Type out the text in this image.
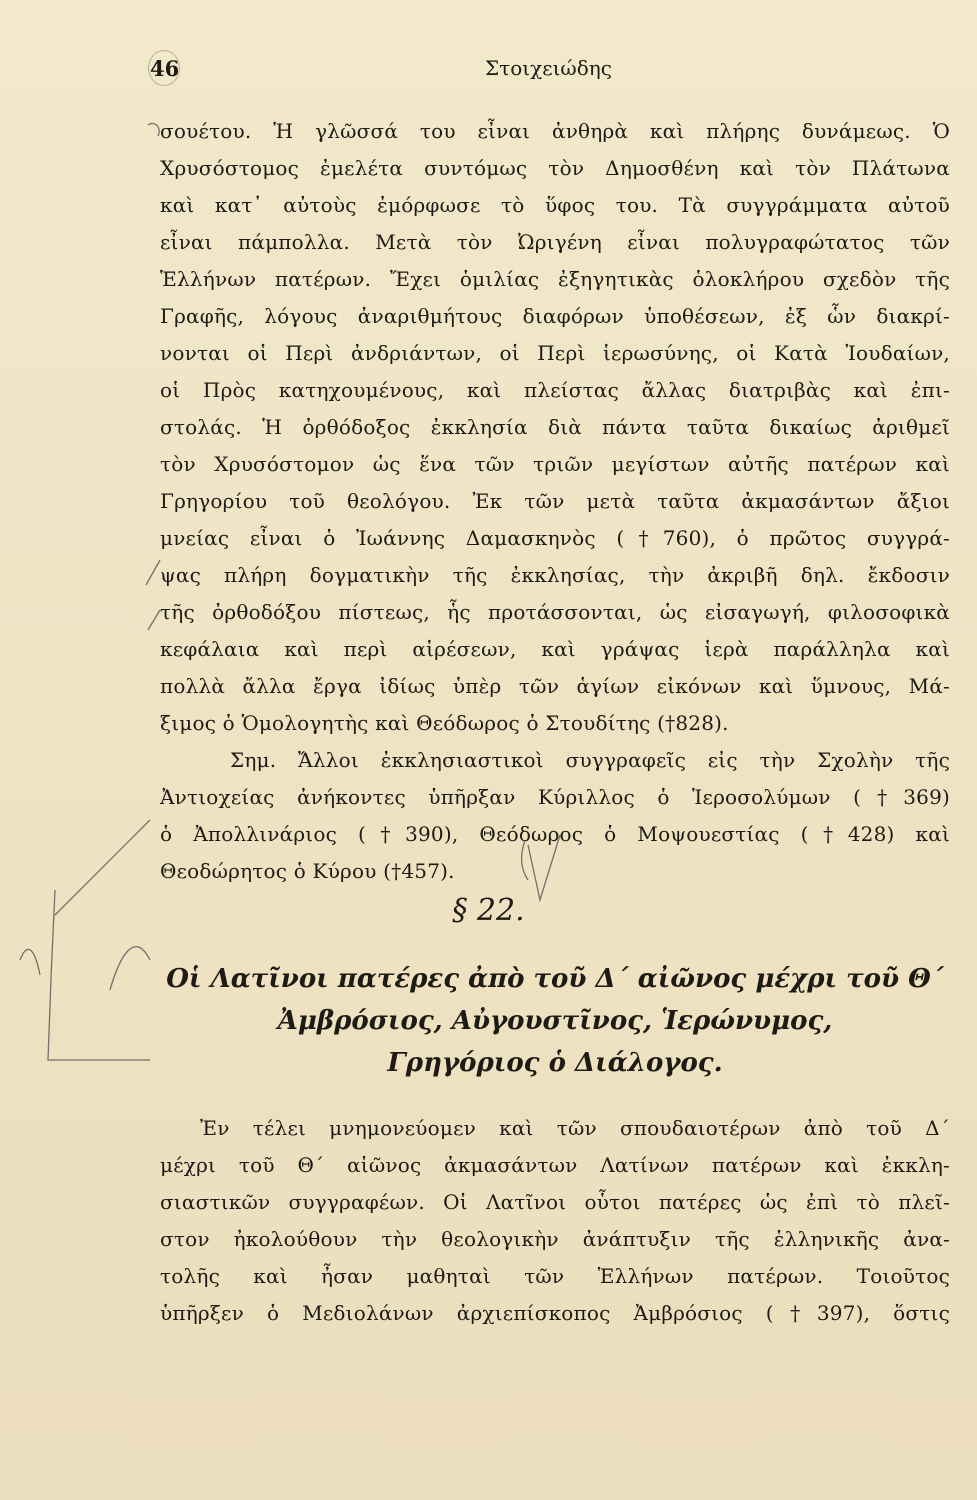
46	Στοιχειώδης
σουέτου. Ἡ γλῶσσά του εἶναι ἀνθηρὰ καὶ πλήρης δυνάμεως. Ὁ
Χρυσόστομος ἐμελέτα συντόμως τὸν Δημοσθένη καὶ τὸν Πλάτωνα
καὶ κατ᾽ αὐτοὺς ἐμόρφωσε τὸ ὕφος του. Τὰ συγγράμματα αὐτοῦ
εἶναι πάμπολλα. Μετὰ τὸν Ὠριγένη εἶναι πολυγραφώτατος τῶν
Ἑλλήνων πατέρων. Ἔχει ὁμιλίας ἐξηγητικὰς ὁλοκλήρου σχεδὸν τῆς
Γραφῆς, λόγους ἀναριθμήτους διαφόρων ὑποθέσεων, ἐξ ὧν διακρί-
νονται οἱ Περὶ ἀνδριάντων, οἱ Περὶ ἱερωσύνης, οἱ Κατὰ Ἰουδαίων,
οἱ Πρὸς κατηχουμένους, καὶ πλείστας ἄλλας διατριβὰς καὶ ἐπι-
στολάς. Ἡ ὀρθόδοξος ἐκκλησία διὰ πάντα ταῦτα δικαίως ἀριθμεῖ
τὸν Χρυσόστομον ὡς ἕνα τῶν τριῶν μεγίστων αὐτῆς πατέρων καὶ
Γρηγορίου τοῦ θεολόγου. Ἐκ τῶν μετὰ ταῦτα ἀκμασάντων ἄξιοι
μνείας εἶναι ὁ Ἰωάννης Δαμασκηνὸς (†760), ὁ πρῶτος συγγρά-
ψας πλήρη δογματικὴν τῆς ἐκκλησίας, τὴν ἀκριβῆ δηλ. ἔκδοσιν
τῆς ὀρθοδόξου πίστεως, ἧς προτάσσονται, ὡς εἰσαγωγή, φιλοσοφικὰ
κεφάλαια καὶ περὶ αἱρέσεων, καὶ γράψας ἱερὰ παράλληλα καὶ
πολλὰ ἄλλα ἔργα ἰδίως ὑπὲρ τῶν ἁγίων εἰκόνων καὶ ὕμνους, Μά-
ξιμος ὁ Ὁμολογητὴς καὶ Θεόδωρος ὁ Στουδίτης (†828).
Σημ. Ἄλλοι ἐκκλησιαστικοὶ συγγραφεῖς εἰς τὴν Σχολὴν τῆς
Ἀντιοχείας ἀνήκοντες ὑπῆρξαν Κύριλλος ὁ Ἱεροσολύμων (†369)
ὁ Ἀπολλινάριος (†390), Θεόδωρος ὁ Μοψουεστίας (†428) καὶ
Θεοδώρητος ὁ Κύρου (†457).
§ 22.
Οἱ Λατῖνοι πατέρες ἀπὸ τοῦ Δ΄ αἰῶνος μέχρι τοῦ Θ΄
Ἀμβρόσιος, Αὐγουστῖνος, Ἱερώνυμος,
Γρηγόριος ὁ Διάλογος.
Ἐν τέλει μνημονεύομεν καὶ τῶν σπουδαιοτέρων ἀπὸ τοῦ Δ΄
μέχρι τοῦ Θ΄ αἰῶνος ἀκμασάντων Λατίνων πατέρων καὶ ἐκκλη-
σιαστικῶν συγγραφέων. Οἱ Λατῖνοι οὗτοι πατέρες ὡς ἐπὶ τὸ πλεῖ-
στον ἠκολούθουν τὴν θεολογικὴν ἀνάπτυξιν τῆς ἑλληνικῆς ἀνα-
τολῆς καὶ ἦσαν μαθηταὶ τῶν Ἑλλήνων πατέρων. Τοιοῦτος
ὑπῆρξεν ὁ Μεδιολάνων ἀρχιεπίσκοπος Ἀμβρόσιος (†397), ὅστις
